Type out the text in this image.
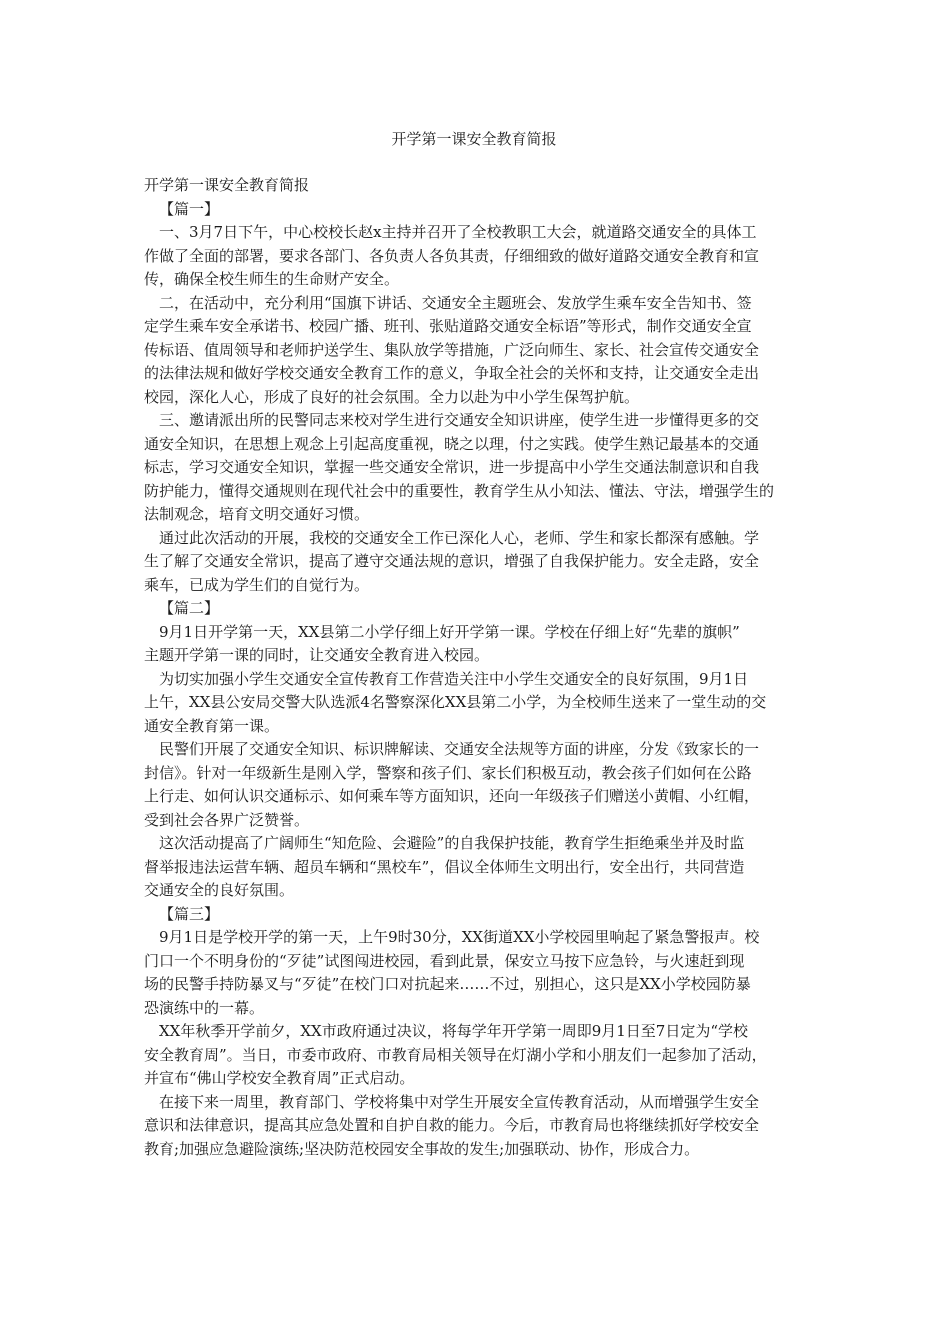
开学第一课安全教育简报

开学第一课安全教育简报

【篇一】

一、3月7日下午，中心校校长赵x主持并召开了全校教职工大会，就道路交通安全的具体工

作做了全面的部署，要求各部门、各负责人各负其责，仔细细致的做好道路交通安全教育和宣

传，确保全校生师生的生命财产安全。

二，在活动中，充分利用“国旗下讲话、交通安全主题班会、发放学生乘车安全告知书、签

定学生乘车安全承诺书、校园广播、班刊、张贴道路交通安全标语”等形式，制作交通安全宣

传标语、值周领导和老师护送学生、集队放学等措施，广泛向师生、家长、社会宣传交通安全

的法律法规和做好学校交通安全教育工作的意义，争取全社会的关怀和支持，让交通安全走出

校园，深化人心，形成了良好的社会氛围。全力以赴为中小学生保驾护航。

三、邀请派出所的民警同志来校对学生进行交通安全知识讲座，使学生进一步懂得更多的交

通安全知识，在思想上观念上引起高度重视，晓之以理，付之实践。使学生熟记最基本的交通

标志，学习交通安全知识，掌握一些交通安全常识，进一步提高中小学生交通法制意识和自我

防护能力，懂得交通规则在现代社会中的重要性，教育学生从小知法、懂法、守法，增强学生的

法制观念，培育文明交通好习惯。

通过此次活动的开展，我校的交通安全工作已深化人心，老师、学生和家长都深有感触。学

生了解了交通安全常识，提高了遵守交通法规的意识，增强了自我保护能力。安全走路，安全

乘车，已成为学生们的自觉行为。

【篇二】

9月1日开学第一天，XX县第二小学仔细上好开学第一课。学校在仔细上好“先辈的旗帜”

主题开学第一课的同时，让交通安全教育进入校园。

为切实加强小学生交通安全宣传教育工作营造关注中小学生交通安全的良好氛围，9月1日

上午，XX县公安局交警大队选派4名警察深化XX县第二小学，为全校师生送来了一堂生动的交

通安全教育第一课。

民警们开展了交通安全知识、标识牌解读、交通安全法规等方面的讲座，分发《致家长的一

封信》。针对一年级新生是刚入学，警察和孩子们、家长们积极互动，教会孩子们如何在公路

上行走、如何认识交通标示、如何乘车等方面知识，还向一年级孩子们赠送小黄帽、小红帽，

受到社会各界广泛赞誉。

这次活动提高了广阔师生“知危险、会避险”的自我保护技能，教育学生拒绝乘坐并及时监

督举报违法运营车辆、超员车辆和“黑校车”，倡议全体师生文明出行，安全出行，共同营造

交通安全的良好氛围。

【篇三】

9月1日是学校开学的第一天，上午9时30分，XX街道XX小学校园里响起了紧急警报声。校

门口一个不明身份的“歹徒”试图闯进校园，看到此景，保安立马按下应急铃，与火速赶到现

场的民警手持防暴叉与“歹徒”在校门口对抗起来……不过，别担心，这只是XX小学校园防暴

恐演练中的一幕。

XX年秋季开学前夕，XX市政府通过决议，将每学年开学第一周即9月1日至7日定为“学校

安全教育周”。当日，市委市政府、市教育局相关领导在灯湖小学和小朋友们一起参加了活动，

并宣布“佛山学校安全教育周”正式启动。

在接下来一周里，教育部门、学校将集中对学生开展安全宣传教育活动，从而增强学生安全

意识和法律意识，提高其应急处置和自护自救的能力。今后，市教育局也将继续抓好学校安全

教育;加强应急避险演练;坚决防范校园安全事故的发生;加强联动、协作，形成合力。
